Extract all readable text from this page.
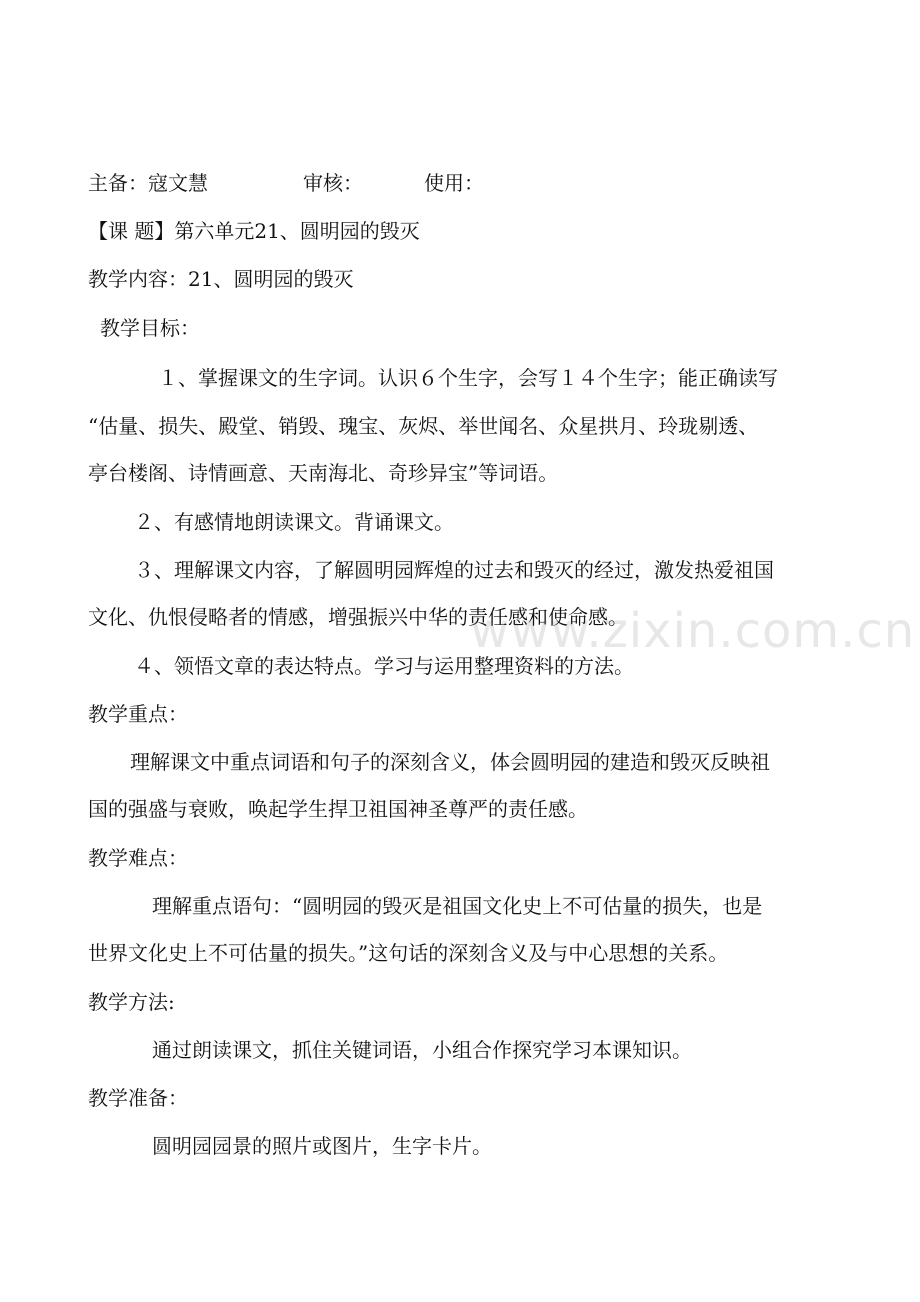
主备：寇文慧	审核：	使用：
【课 题】第六单元21、圆明园的毁灭
教学内容：21、圆明园的毁灭
教学目标：
１、掌握课文的生字词。认识６个生字，会写１４个生字；能正确读写
“估量、损失、殿堂、销毁、瑰宝、灰烬、举世闻名、众星拱月、玲珑剔透、
亭台楼阁、诗情画意、天南海北、奇珍异宝”等词语。
２、有感情地朗读课文。背诵课文。
３、理解课文内容，了解圆明园辉煌的过去和毁灭的经过，激发热爱祖国
文化、仇恨侵略者的情感，增强振兴中华的责任感和使命感。
４、领悟文章的表达特点。学习与运用整理资料的方法。
教学重点：
理解课文中重点词语和句子的深刻含义，体会圆明园的建造和毁灭反映祖
国的强盛与衰败，唤起学生捍卫祖国神圣尊严的责任感。
教学难点：
理解重点语句：“圆明园的毁灭是祖国文化史上不可估量的损失，也是
世界文化史上不可估量的损失。”这句话的深刻含义及与中心思想的关系。
教学方法:
通过朗读课文，抓住关键词语，小组合作探究学习本课知识。
教学准备：
圆明园园景的照片或图片，生字卡片。
www.zixin.com.cn
